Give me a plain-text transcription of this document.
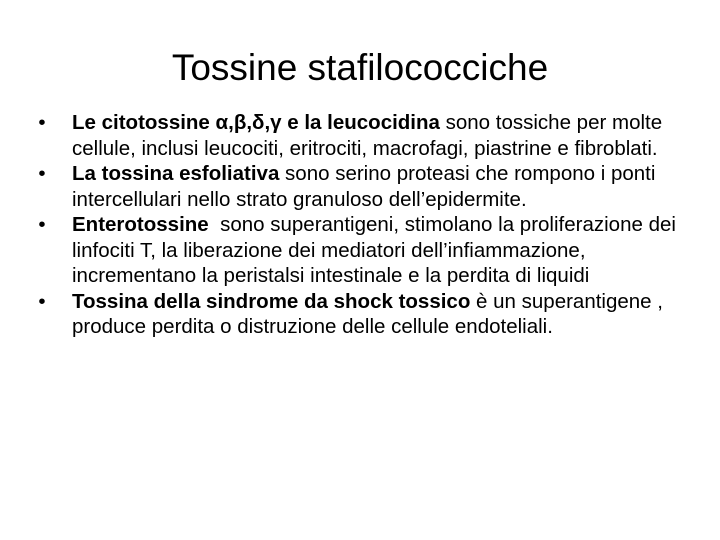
Tossine stafilococciche
•	Le citotossine α,β,δ,γ e la leucocidina sono tossiche per molte cellule, inclusi leucociti, eritrociti, macrofagi, piastrine e fibroblati.
•	La tossina esfoliativa sono serino proteasi che rompono i ponti intercellulari nello strato granuloso dell’epidermite.
•	Enterotossine  sono superantigeni, stimolano la proliferazione dei linfociti T, la liberazione dei mediatori dell’infiammazione, incrementano la peristalsi intestinale e la perdita di liquidi
•	Tossina della sindrome da shock tossico è un superantigene , produce perdita o distruzione delle cellule endoteliali.
